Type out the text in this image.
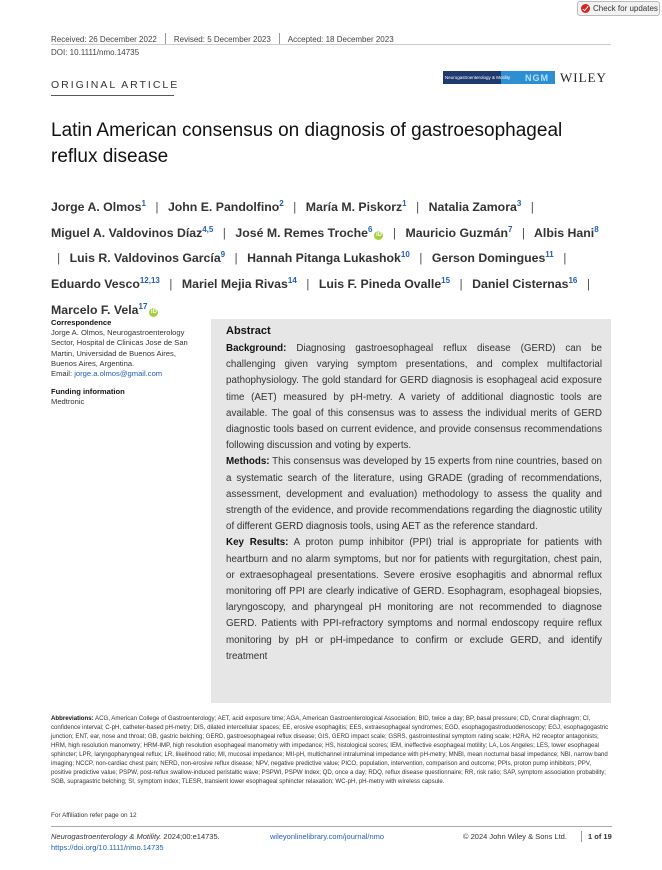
Check for updates
Received: 26 December 2022 Revised: 5 December 2023 Accepted: 18 December 2023
DOI: 10.1111/nmo.14735
ORIGINAL ARTICLE
Neurogastroenterology & Motility NGM WILEY
Latin American consensus on diagnosis of gastroesophageal
reflux disease

Jorge A. Olmos$^1$ | John E. Pandolfino$^2$ | María M. Piskorz$^1$ | Natalia Zamora$^3$ | Miguel A. Valdovinos Díaz$^{4,5}$ | José M. Remes Troche$^6$iD | Mauricio Guzmán$^7$ | Albis Hani$^8$ | Luis R. Valdovinos García$^9$ | Hannah Pitanga Lukashok$^{10}$ | Gerson Domingues$^{11}$ | Eduardo Vesco$^{12,13}$ | Mariel Mejia Rivas$^{14}$ | Luis F. Pineda Ovalle$^{15}$ | Daniel Cisternas$^{16}$ | Marcelo F. Vela$^{17}$iD

Correspondence
Jorge A. Olmos, Neurogastroenterology Sector, Hospital de Clinicas Jose de San Martin, Universidad de Buenos Aires, Buenos Aires, Argentina.
Email: jorge.a.olmos@gmail.com
Funding information
Medtronic
Abstract

Background: Diagnosing gastroesophageal reflux disease (GERD) can be challenging given varying symptom presentations, and complex multifactorial pathophysiology. The gold standard for GERD diagnosis is esophageal acid exposure time (AET) measured by pH-metry. A variety of additional diagnostic tools are available. The goal of this consensus was to assess the individual merits of GERD diagnostic tools based on current evidence, and provide consensus recommendations following discussion and voting by experts.

Methods: This consensus was developed by 15 experts from nine countries, based on a systematic search of the literature, using GRADE (grading of recommendations, assessment, development and evaluation) methodology to assess the quality and strength of the evidence, and provide recommendations regarding the diagnostic utility of different GERD diagnosis tools, using AET as the reference standard.

Key Results: A proton pump inhibitor (PPI) trial is appropriate for patients with heartburn and no alarm symptoms, but nor for patients with regurgitation, chest pain, or extraesophageal presentations. Severe erosive esophagitis and abnormal reflux monitoring off PPI are clearly indicative of GERD. Esophagram, esophageal biopsies, laryngoscopy, and pharyngeal pH monitoring are not recommended to diagnose GERD. Patients with PPI-refractory symptoms and normal endoscopy require reflux monitoring by pH or pH-impedance to confirm or exclude GERD, and identify treatment

Abbreviations: ACG, American College of Gastroenterology; AET, acid exposure time; AGA, American Gastroenterological Association; BID, twice a day; BP, basal pressure; CD, Crural diaphragm; CI, confidence interval; C-pH, catheter-based pH-metry; DIS, dilated intercellular spaces; EE, erosive esophagitis; EES, extraesophageal syndromes; EGD, esophagogastroduodenoscopy; EGJ, esophagogastric junction; ENT, ear, nose and throat; GB, gastric belching; GERD, gastroesophageal reflux disease; GIS, GERD impact scale; GSRS, gastrointestinal symptom rating scale; H2RA, H2 receptor antagonists; HRM, high resolution manometry; HRM-IMP, high resolution esophageal manometry with impedance; HS, histological scores; IEM, ineffective esophageal motility; LA, Los Angeles; LES, lower esophageal sphincter; LPR, laryngopharyngeal reflux; LR, likelihood ratio; MI, mucosal impedance; MII-pH, multichannel intraluminal impedance with pH-metry; MNBI, mean nocturnal basal impedance; NBI, narrow band imaging; NCCP, non-cardiac chest pain; NERD, non-erosive reflux disease; NPV, negative predictive value; PICO, population, intervention, comparison and outcome; PPIs, proton pump inhibitors; PPV, positive predictive value; PSPW, post-reflux swallow-induced peristaltic wave; PSPWI, PSPW Index; QD, once a day; RDQ, reflux disease questionnaire; RR, risk ratio; SAP, symptom association probability; SGB, supragastric belching; SI, symptom index; TLESR, transient lower esophageal sphincter relaxation; WC-pH, pH-metry with wireless capsule.
For Affiliation refer page on 12
Neurogastroenterology & Motility. 2024;00:e14735.
https://doi.org/10.1111/nmo.14735
wileyonlinelibrary.com/journal/nmo	© 2024 John Wiley & Sons Ltd.	1 of 19
